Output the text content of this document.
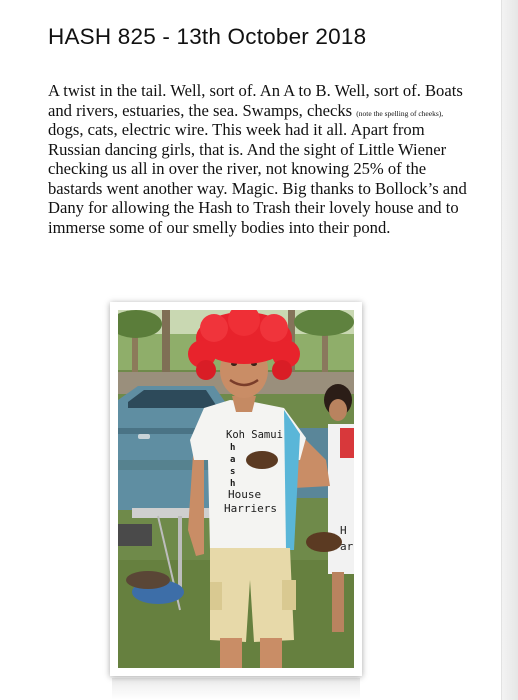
HASH 825 - 13th October 2018

A twist in the tail. Well, sort of. An A to B. Well, sort of. Boats and rivers, estuaries, the sea. Swamps, checks (note the spelling of cheeks), dogs, cats, electric wire. This week had it all. Apart from Russian dancing girls, that is. And the sight of Little Wiener checking us all in over the river, not knowing 25% of the bastards went another way. Magic. Big thanks to Bollock’s and Dany for allowing the Hash to Trash their lovely house and to immerse some of our smelly bodies into their pond.

H
ar
Koh Samui
h
a
s
h
House
Harriers
